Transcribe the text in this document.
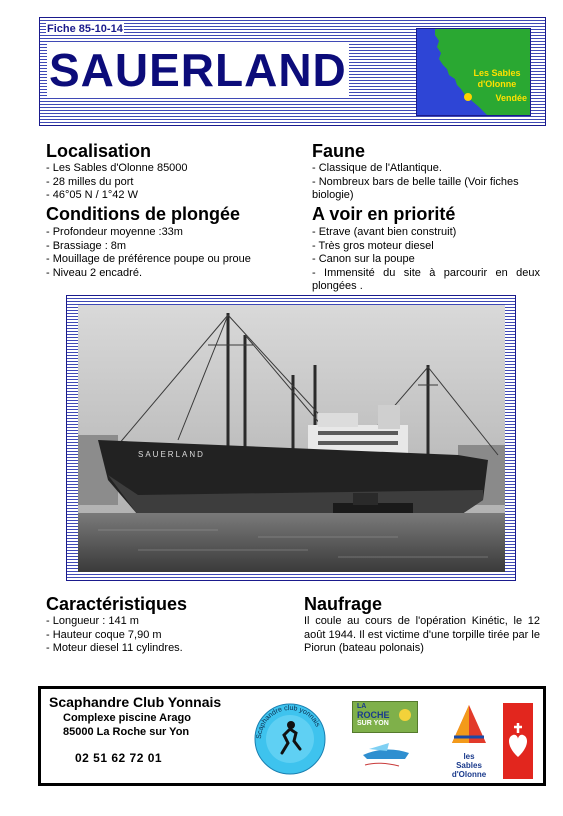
Fiche 85-10-14
SAUERLAND	Les Sables
d'Olonne
Vendée
Localisation
- Les Sables d'Olonne 85000
- 28 milles du port
- 46°05 N / 1°42 W
Conditions de plongée
- Profondeur moyenne :33m
- Brassiage : 8m
- Mouillage de préférence poupe ou proue
- Niveau 2 encadré.
Faune
- Classique de l'Atlantique.
- Nombreux bars de belle taille (Voir fiches biologie)
A voir en priorité
- Etrave (avant bien construit)
- Très gros moteur diesel
- Canon sur la poupe
- Immensité du site à parcourir en deux plongées .
SAUERLAND
Caractéristiques
- Longueur : 141 m
- Hauteur coque 7,90 m
- Moteur diesel 11 cylindres.
Naufrage

Il coule au cours de l'opération Kinétic, le 12 août 1944. Il est victime d'une torpille tirée par le Piorun (bateau polonais)

Scaphandre Club Yonnais
Complexe piscine Arago
85000 La Roche sur Yon
02 51 62 72 01
Scaphandre club yonnais
LA
ROCHE
SUR YON
les
Sables
d'Olonne
